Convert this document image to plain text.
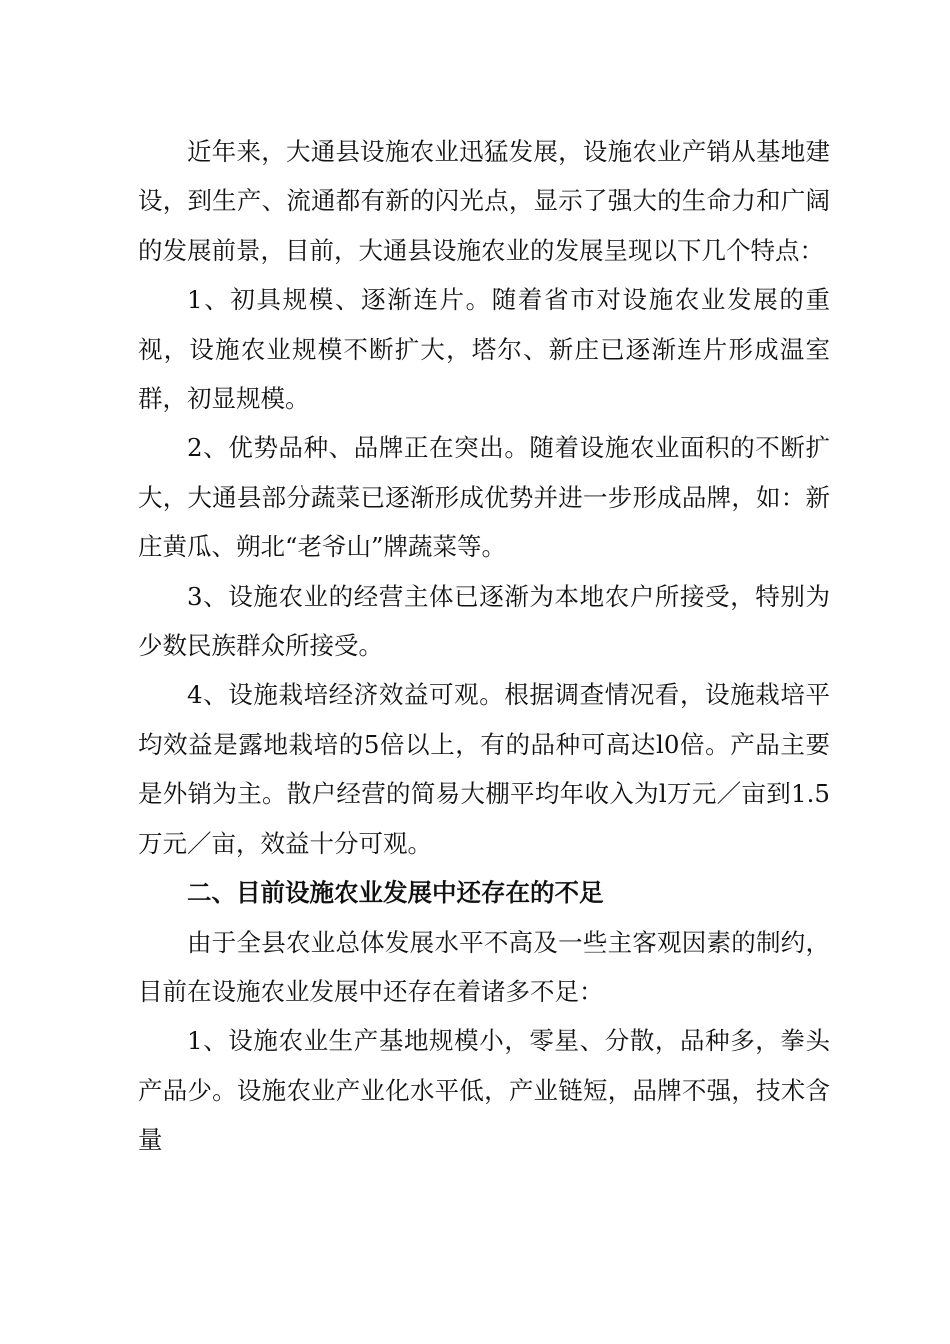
近年来，大通县设施农业迅猛发展，设施农业产销从基地建设，到生产、流通都有新的闪光点，显示了强大的生命力和广阔的发展前景，目前，大通县设施农业的发展呈现以下几个特点：

1、初具规模、逐渐连片。随着省市对设施农业发展的重视，设施农业规模不断扩大，塔尔、新庄已逐渐连片形成温室群，初显规模。

2、优势品种、品牌正在突出。随着设施农业面积的不断扩大，大通县部分蔬菜已逐渐形成优势并进一步形成品牌，如：新庄黄瓜、朔北“老爷山”牌蔬菜等。

3、设施农业的经营主体已逐渐为本地农户所接受，特别为少数民族群众所接受。

4、设施栽培经济效益可观。根据调查情况看，设施栽培平均效益是露地栽培的5倍以上，有的品种可高达l0倍。产品主要是外销为主。散户经营的简易大棚平均年收入为l万元／亩到1.5万元／亩，效益十分可观。

二、目前设施农业发展中还存在的不足

由于全县农业总体发展水平不高及一些主客观因素的制约，目前在设施农业发展中还存在着诸多不足：

1、设施农业生产基地规模小，零星、分散，品种多，拳头产品少。设施农业产业化水平低，产业链短，品牌不强，技术含量
